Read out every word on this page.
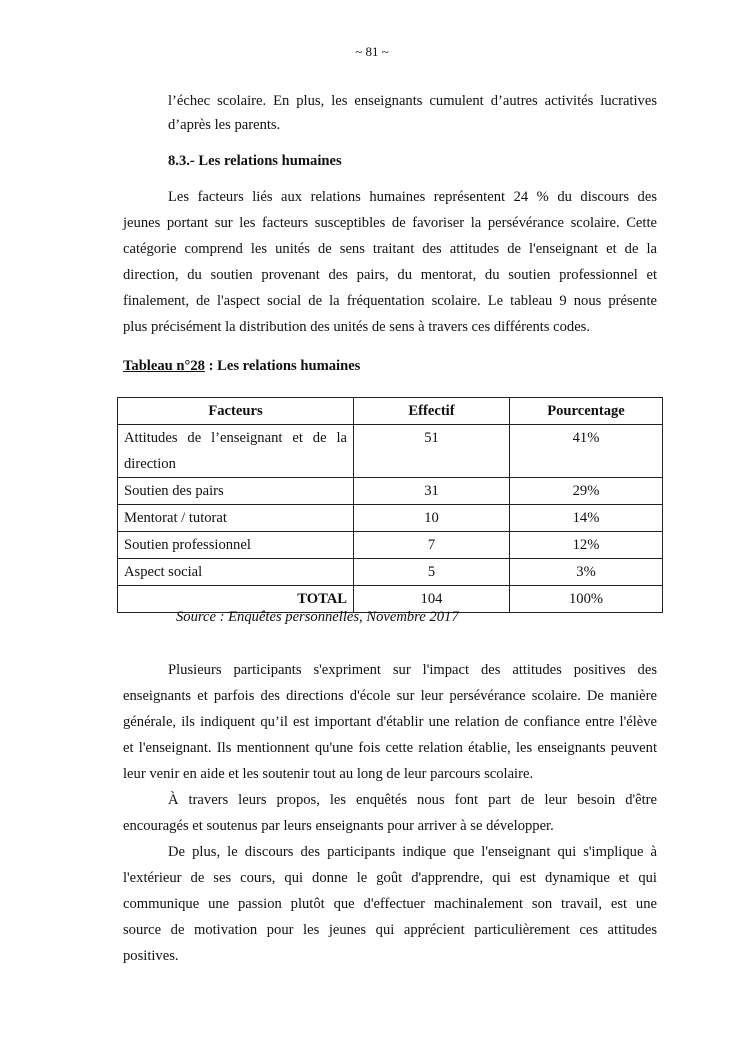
~ 81 ~
l’échec scolaire. En plus, les enseignants cumulent d’autres activités lucratives
d’après les parents.
8.3.- Les relations humaines
Les facteurs liés aux relations humaines représentent 24 % du discours des
jeunes portant sur les facteurs susceptibles de favoriser la persévérance scolaire. Cette
catégorie comprend les unités de sens traitant des attitudes de l'enseignant et de la
direction, du soutien provenant des pairs, du mentorat, du soutien professionnel et
finalement, de l'aspect social de la fréquentation scolaire. Le tableau 9 nous présente
plus précisément la distribution des unités de sens à travers ces différents codes.
Tableau n°28 : Les relations humaines
Facteurs	Effectif	Pourcentage
Attitudes de l’enseignant et de la direction	51	41%
Soutien des pairs	31	29%
Mentorat / tutorat	10	14%
Soutien professionnel	7	12%
Aspect social	5	3%
TOTAL	104	100%
Source : Enquêtes personnelles, Novembre 2017
Plusieurs participants s'expriment sur l'impact des attitudes positives des
enseignants et parfois des directions d'école sur leur persévérance scolaire. De manière
générale, ils indiquent qu’il est important d'établir une relation de confiance entre l'élève
et l'enseignant. Ils mentionnent qu'une fois cette relation établie, les enseignants peuvent
leur venir en aide et les soutenir tout au long de leur parcours scolaire.
À travers leurs propos, les enquêtés nous font part de leur besoin d'être
encouragés et soutenus par leurs enseignants pour arriver à se développer.
De plus, le discours des participants indique que l'enseignant qui s'implique à
l'extérieur de ses cours, qui donne le goût d'apprendre, qui est dynamique et qui
communique une passion plutôt que d'effectuer machinalement son travail, est une
source de motivation pour les jeunes qui apprécient particulièrement ces attitudes
positives.
